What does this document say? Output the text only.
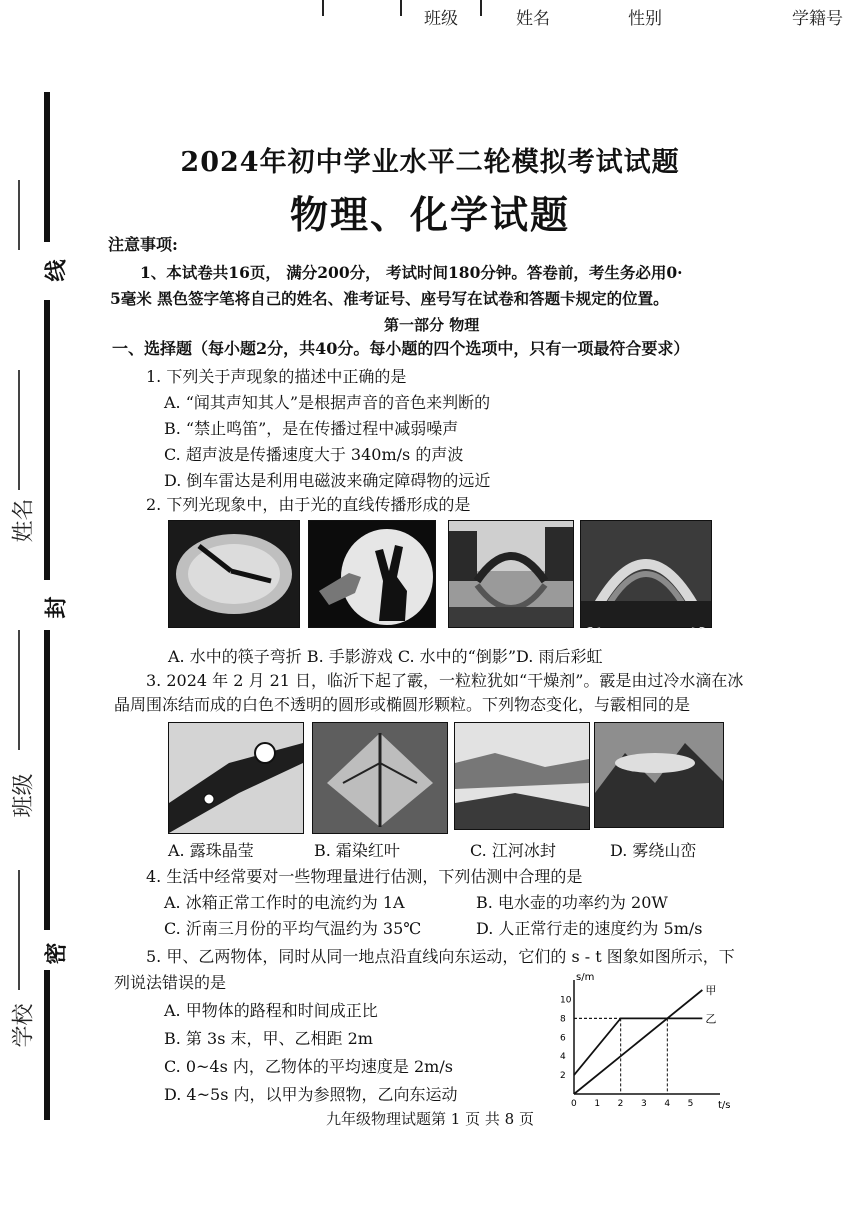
班级	姓名	性别	学籍号
线
封
密
姓名
班级
学校
2024年初中学业水平二轮模拟考试试题
物理、化学试题
注意事项:
1、本试卷共16页， 满分200分， 考试时间180分钟。答卷前，考生务必用0·
5毫米 黑色签字笔将自己的姓名、准考证号、座号写在试卷和答题卡规定的位置。
第一部分 物理
一、选择题（每小题2分，共40分。每小题的四个选项中，只有一项最符合要求）
1. 下列关于声现象的描述中正确的是
A. “闻其声知其人”是根据声音的音色来判断的
B. “禁止鸣笛”，是在传播过程中减弱噪声
C. 超声波是传播速度大于 340m/s 的声波
D. 倒车雷达是利用电磁波来确定障碍物的远近
2. 下列光现象中，由于光的直线传播形成的是
A. 水中的筷子弯折 B. 手影游戏 C. 水中的“倒影”D. 雨后彩虹
3. 2024 年 2 月 21 日，临沂下起了霰，一粒粒犹如“干燥剂”。霰是由过冷水滴在冰
晶周围冻结而成的白色不透明的圆形或椭圆形颗粒。下列物态变化，与霰相同的是
A. 露珠晶莹	B. 霜染红叶	C. 江河冰封	D. 雾绕山峦
4. 生活中经常要对一些物理量进行估测，下列估测中合理的是
A. 冰箱正常工作时的电流约为 1A	B. 电水壶的功率约为 20W
C. 沂南三月份的平均气温约为 35℃	D. 人正常行走的速度约为 5m/s
5. 甲、乙两物体，同时从同一地点沿直线向东运动，它们的 s - t 图象如图所示，下
列说法错误的是
A. 甲物体的路程和时间成正比
B. 第 3s 末，甲、乙相距 2m
C. 0~4s 内，乙物体的平均速度是 2m/s
D. 4~5s 内，以甲为参照物，乙向东运动
s/m
t/s
0 1 2 3 4 5
2
4
6
8
10
甲
乙
九年级物理试题第 1 页 共 8 页
